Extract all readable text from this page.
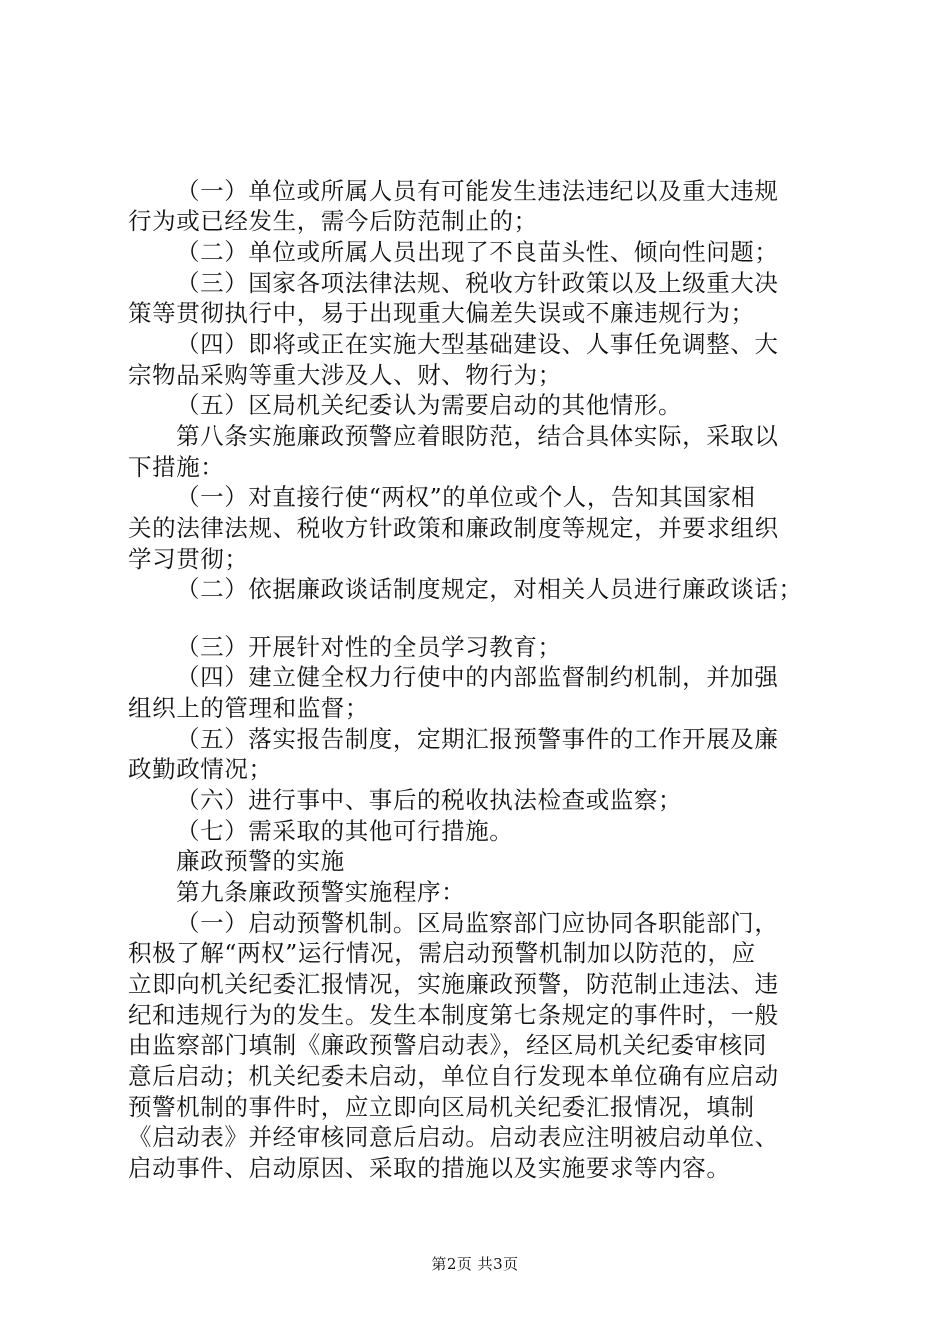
（一）单位或所属人员有可能发生违法违纪以及重大违规
行为或已经发生，需今后防范制止的；
（二）单位或所属人员出现了不良苗头性、倾向性问题；
（三）国家各项法律法规、税收方针政策以及上级重大决
策等贯彻执行中，易于出现重大偏差失误或不廉违规行为；
（四）即将或正在实施大型基础建设、人事任免调整、大
宗物品采购等重大涉及人、财、物行为；
（五）区局机关纪委认为需要启动的其他情形。
第八条实施廉政预警应着眼防范，结合具体实际，采取以
下措施：
（一）对直接行使“两权”的单位或个人，告知其国家相
关的法律法规、税收方针政策和廉政制度等规定，并要求组织
学习贯彻；
（二）依据廉政谈话制度规定，对相关人员进行廉政谈话；
（三）开展针对性的全员学习教育；
（四）建立健全权力行使中的内部监督制约机制，并加强
组织上的管理和监督；
（五）落实报告制度，定期汇报预警事件的工作开展及廉
政勤政情况；
（六）进行事中、事后的税收执法检查或监察；
（七）需采取的其他可行措施。
廉政预警的实施
第九条廉政预警实施程序：
（一）启动预警机制。区局监察部门应协同各职能部门，
积极了解“两权”运行情况，需启动预警机制加以防范的，应
立即向机关纪委汇报情况，实施廉政预警，防范制止违法、违
纪和违规行为的发生。发生本制度第七条规定的事件时，一般
由监察部门填制《廉政预警启动表》，经区局机关纪委审核同
意后启动；机关纪委未启动，单位自行发现本单位确有应启动
预警机制的事件时，应立即向区局机关纪委汇报情况，填制
《启动表》并经审核同意后启动。启动表应注明被启动单位、
启动事件、启动原因、采取的措施以及实施要求等内容。
第2页 共3页
